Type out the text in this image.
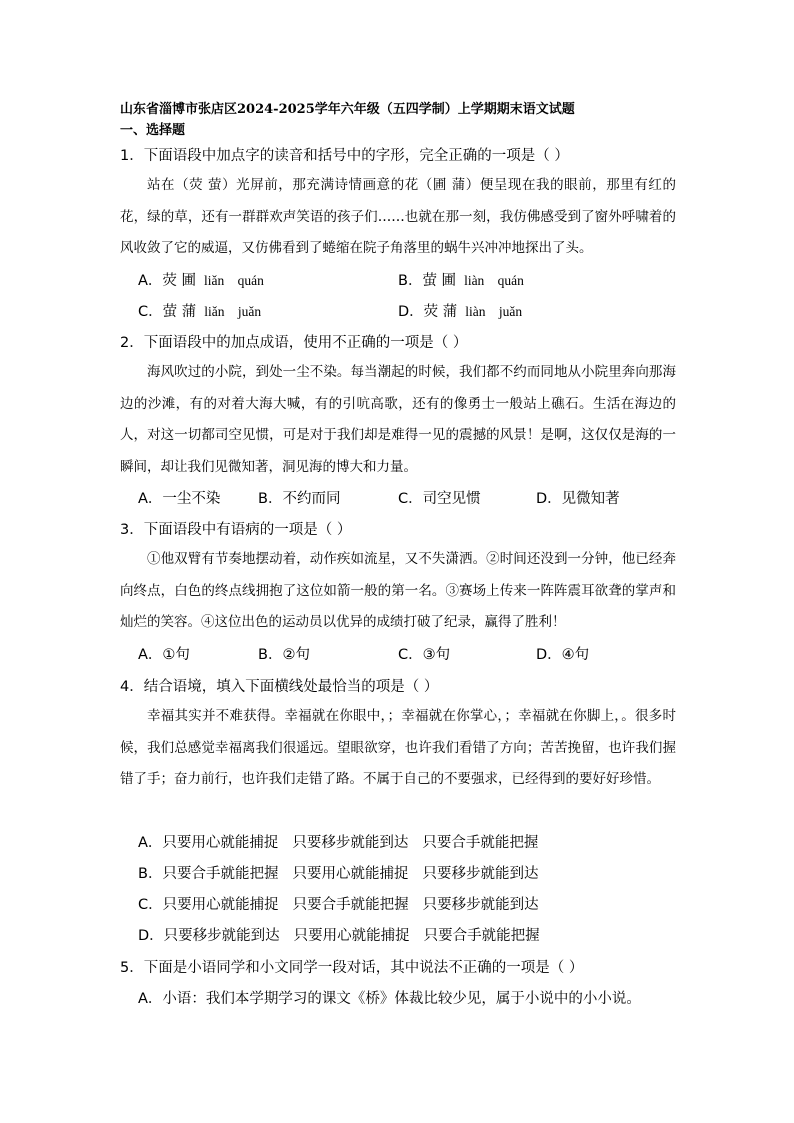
山东省淄博市张店区2024-2025学年六年级（五四学制）上学期期末语文试题
一、选择题
1．下面语段中加点字的读音和括号中的字形，完全正确的一项是（ ）
站在（荧 萤）光屏前，那充满诗情画意的花（圃 蒲）便呈现在我的眼前，那里有红的花，绿的草，还有一群群欢声笑语的孩子们……也就在那一刻，我仿佛感受到了窗外呼啸着的风收敛了它的威逼，又仿佛看到了蜷缩在院子角落里的蜗牛兴冲冲地探出了头。
A．荧 圃 liǎn quán	B．萤 圃 liàn quán
C．萤 蒲 liǎn juǎn	D．荧 蒲 liàn juǎn
2．下面语段中的加点成语，使用不正确的一项是（ ）
海风吹过的小院，到处一尘不染。每当潮起的时候，我们都不约而同地从小院里奔向那海边的沙滩，有的对着大海大喊，有的引吭高歌，还有的像勇士一般站上礁石。生活在海边的人，对这一切都司空见惯，可是对于我们却是难得一见的震撼的风景！是啊，这仅仅是海的一瞬间，却让我们见微知著，洞见海的博大和力量。
A．一尘不染	B．不约而同	C．司空见惯	D．见微知著
3．下面语段中有语病的一项是（ ）
①他双臂有节奏地摆动着，动作疾如流星，又不失潇洒。②时间还没到一分钟，他已经奔向终点，白色的终点线拥抱了这位如箭一般的第一名。③赛场上传来一阵阵震耳欲聋的掌声和灿烂的笑容。④这位出色的运动员以优异的成绩打破了纪录，赢得了胜利！
A．①句	B．②句	C．③句	D．④句
4．结合语境，填入下面横线处最恰当的项是（ ）
幸福其实并不难获得。幸福就在你眼中，；幸福就在你掌心，；幸福就在你脚上，。很多时候，我们总感觉幸福离我们很遥远。望眼欲穿，也许我们看错了方向；苦苦挽留，也许我们握错了手；奋力前行，也许我们走错了路。不属于自己的不要强求，已经得到的要好好珍惜。
A．只要用心就能捕捉 只要移步就能到达 只要合手就能把握
B．只要合手就能把握 只要用心就能捕捉 只要移步就能到达
C．只要用心就能捕捉 只要合手就能把握 只要移步就能到达
D．只要移步就能到达 只要用心就能捕捉 只要合手就能把握
5．下面是小语同学和小文同学一段对话，其中说法不正确的一项是（ ）
A．小语：我们本学期学习的课文《桥》体裁比较少见，属于小说中的小小说。
